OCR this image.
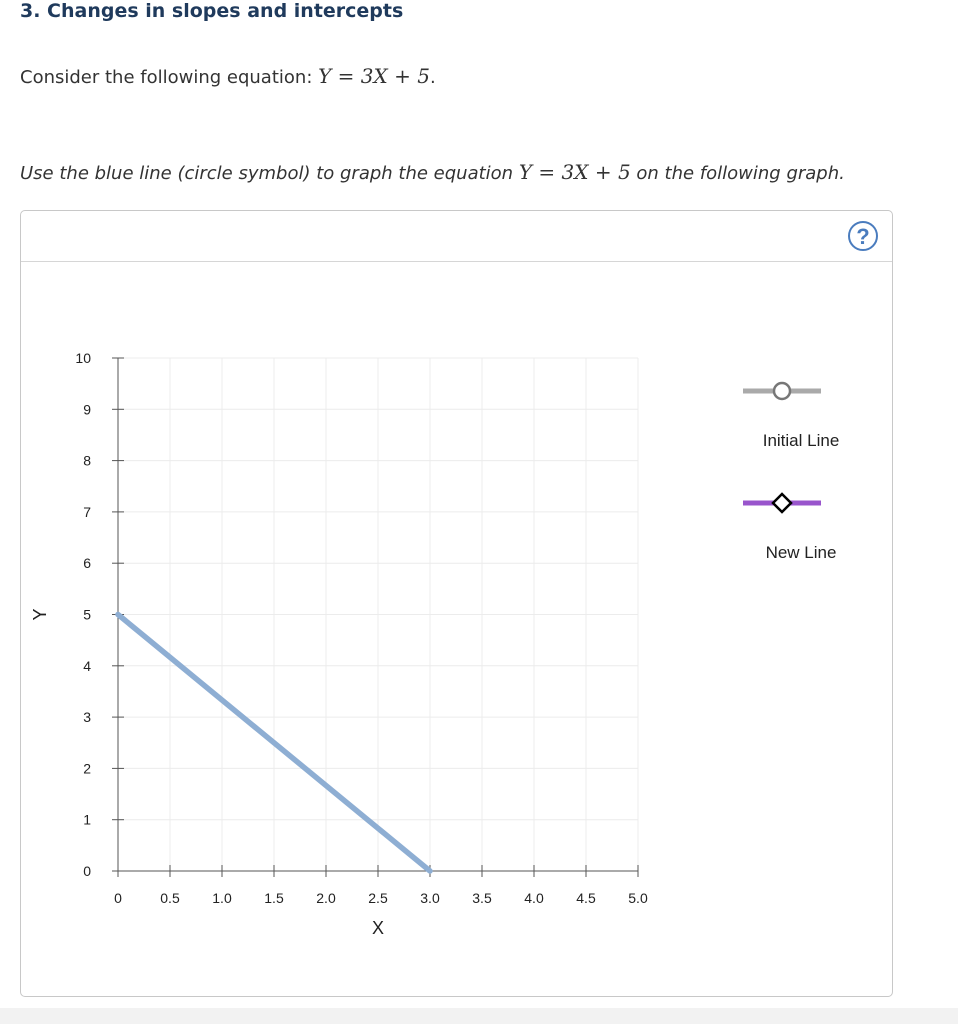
3. Changes in slopes and intercepts
Consider the following equation: Y = 3X + 5.
Use the blue line (circle symbol) to graph the equation Y = 3X + 5 on the following graph.
?
0	0.5 1.0 1.5 2.0 2.5 3.0 3.5 4.0 4.5 5.0
0
1
2
3
4
5
6
7
8
9
10
X
Y
Initial Line
New Line
